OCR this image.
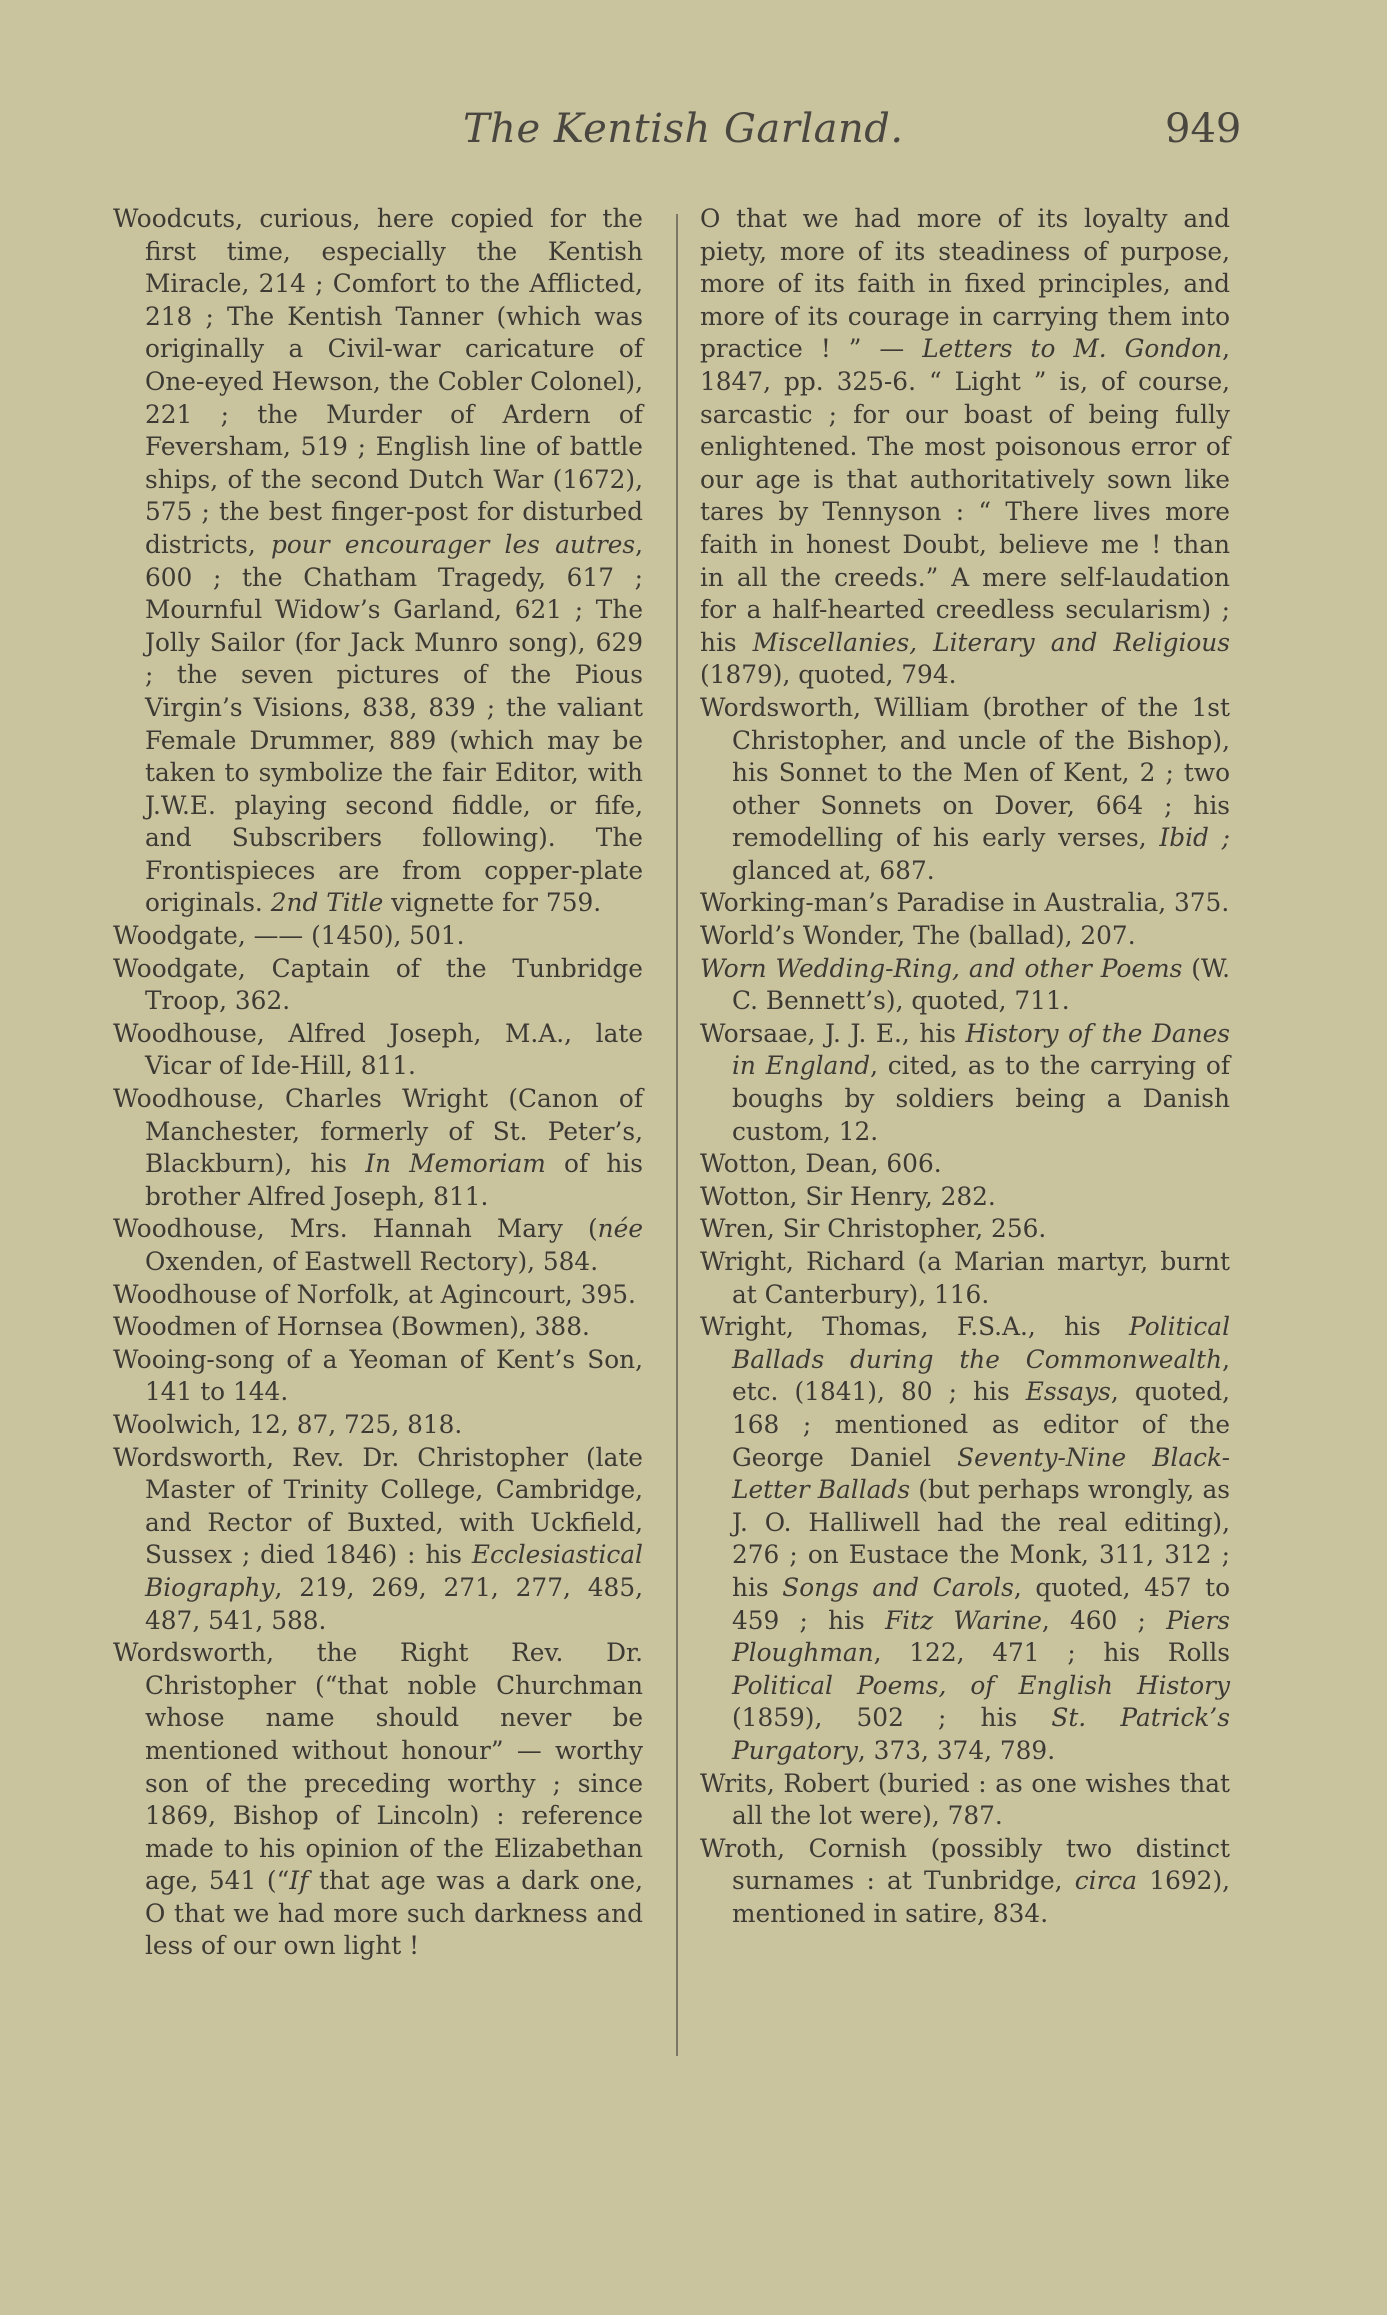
The Kentish Garland.	949

Woodcuts, curious, here copied for the first time, especially the Kentish Miracle, 214 ; Comfort to the Afflicted, 218 ; The Kentish Tanner (which was originally a Civil-war caricature of One-eyed Hewson, the Cobler Colonel), 221 ; the Murder of Ardern of Feversham, 519 ; English line of battle ships, of the second Dutch War (1672), 575 ; the best finger-post for disturbed districts, pour encourager les autres, 600 ; the Chatham Tragedy, 617 ; Mournful Widow’s Garland, 621 ; The Jolly Sailor (for Jack Munro song), 629 ; the seven pictures of the Pious Virgin’s Visions, 838, 839 ; the valiant Female Drummer, 889 (which may be taken to symbolize the fair Editor, with J.W.E. playing second fiddle, or fife, and Subscribers following). The Frontispieces are from copper-plate originals. 2nd Title vignette for 759.

Woodgate, —— (1450), 501.

Woodgate, Captain of the Tunbridge Troop, 362.

Woodhouse, Alfred Joseph, M.A., late Vicar of Ide-Hill, 811.

Woodhouse, Charles Wright (Canon of Manchester, formerly of St. Peter’s, Blackburn), his In Memoriam of his brother Alfred Joseph, 811.

Woodhouse, Mrs. Hannah Mary (née Oxenden, of Eastwell Rectory), 584.

Woodhouse of Norfolk, at Agincourt, 395.

Woodmen of Hornsea (Bowmen), 388.

Wooing-song of a Yeoman of Kent’s Son, 141 to 144.

Woolwich, 12, 87, 725, 818.

Wordsworth, Rev. Dr. Christopher (late Master of Trinity College, Cambridge, and Rector of Buxted, with Uckfield, Sussex ; died 1846) : his Ecclesiastical Biography, 219, 269, 271, 277, 485, 487, 541, 588.

Wordsworth, the Right Rev. Dr. Christopher (“that noble Churchman whose name should never be mentioned without honour” — worthy son of the preceding worthy ; since 1869, Bishop of Lincoln) : reference made to his opinion of the Elizabethan age, 541 (“If that age was a dark one, O that we had more such darkness and less of our own light !

O that we had more of its loyalty and piety, more of its steadiness of purpose, more of its faith in fixed principles, and more of its courage in carrying them into practice ! ” — Letters to M. Gondon, 1847, pp. 325-6. “ Light ” is, of course, sarcastic ; for our boast of being fully enlightened. The most poisonous error of our age is that authoritatively sown like tares by Tennyson : “ There lives more faith in honest Doubt, believe me ! than in all the creeds.” A mere self-laudation for a half-hearted creedless secularism) ; his Miscellanies, Literary and Religious (1879), quoted, 794.

Wordsworth, William (brother of the 1st Christopher, and uncle of the Bishop), his Sonnet to the Men of Kent, 2 ; two other Sonnets on Dover, 664 ; his remodelling of his early verses, Ibid ; glanced at, 687.

Working-man’s Paradise in Australia, 375.

World’s Wonder, The (ballad), 207.

Worn Wedding-Ring, and other Poems (W. C. Bennett’s), quoted, 711.

Worsaae, J. J. E., his History of the Danes in England, cited, as to the carrying of boughs by soldiers being a Danish custom, 12.

Wotton, Dean, 606.

Wotton, Sir Henry, 282.

Wren, Sir Christopher, 256.

Wright, Richard (a Marian martyr, burnt at Canterbury), 116.

Wright, Thomas, F.S.A., his Political Ballads during the Commonwealth, etc. (1841), 80 ; his Essays, quoted, 168 ; mentioned as editor of the George Daniel Seventy-Nine Black-Letter Ballads (but perhaps wrongly, as J. O. Halliwell had the real editing), 276 ; on Eustace the Monk, 311, 312 ; his Songs and Carols, quoted, 457 to 459 ; his Fitz Warine, 460 ; Piers Ploughman, 122, 471 ; his Rolls Political Poems, of English History (1859), 502 ; his St. Patrick’s Purgatory, 373, 374, 789.

Writs, Robert (buried : as one wishes that all the lot were), 787.

Wroth, Cornish (possibly two distinct surnames : at Tunbridge, circa 1692), mentioned in satire, 834.
